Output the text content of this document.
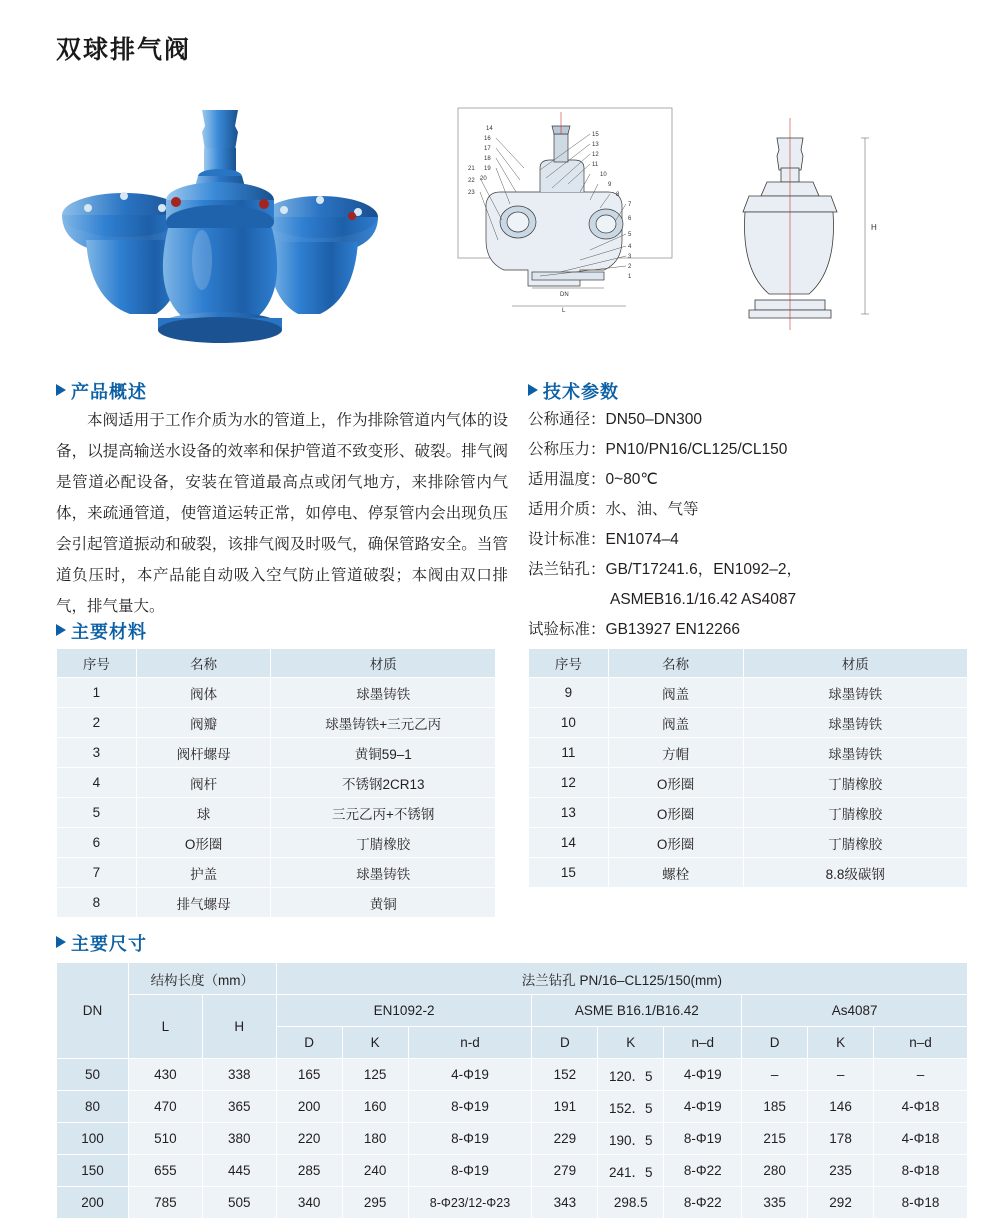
双球排气阀
15
13
12
11
10
9
8
7
6
5
4
3
2
1
14
16
17
18
19
20
21
22
23
DN
L
H
产品概述	技术参数
主要材料
主要尺寸
本阀适用于工作介质为水的管道上，作为排除管道内气体的设备，以提高输送水设备的效率和保护管道不致变形、破裂。排气阀是管道必配设备，安装在管道最高点或闭气地方，来排除管内气体，来疏通管道，使管道运转正常，如停电、停泵管内会出现负压会引起管道振动和破裂，该排气阀及时吸气，确保管路安全。当管道负压时，本产品能自动吸入空气防止管道破裂；本阀由双口排气，排气量大。
公称通径： DN50–DN300
公称压力： PN10/PN16/CL125/CL150
适用温度： 0~80℃
适用介质： 水、油、气等
设计标准： EN1074–4
法兰钻孔： GB/T17241.6，EN1092–2，
ASMEB16.1/16.42 AS4087
试验标准： GB13927 EN12266
序号	名称	材质
1	阀体	球墨铸铁
2	阀瓣	球墨铸铁+三元乙丙
3	阀杆螺母	黄铜59–1
4	阀杆	不锈钢2CR13
5	球	三元乙丙+不锈钢
6	O形圈	丁腈橡胶
7	护盖	球墨铸铁
8	排气螺母	黄铜
序号	名称	材质
9	阀盖	球墨铸铁
10	阀盖	球墨铸铁
11	方帽	球墨铸铁
12	O形圈	丁腈橡胶
13	O形圈	丁腈橡胶
14	O形圈	丁腈橡胶
15	螺栓	8.8级碳钢
DN	结构长度（mm）		法兰钻孔 PN/16–CL125/150(mm)								
	L	H	EN1092-2			ASME B16.1/B16.42			As4087		
			D	K	n-d	D	K	n–d	D	K	n–d
50	430	338	165	125	4-Φ19	152	120．5	4-Φ19	–	–	–
80	470	365	200	160	8-Φ19	191	152．5	4-Φ19	185	146	4-Φ18
100	510	380	220	180	8-Φ19	229	190．5	8-Φ19	215	178	4-Φ18
150	655	445	285	240	8-Φ19	279	241．5	8-Φ22	280	235	8-Φ18
200	785	505	340	295	8-Φ23/12-Φ23	343	298.5	8-Φ22	335	292	8-Φ18
